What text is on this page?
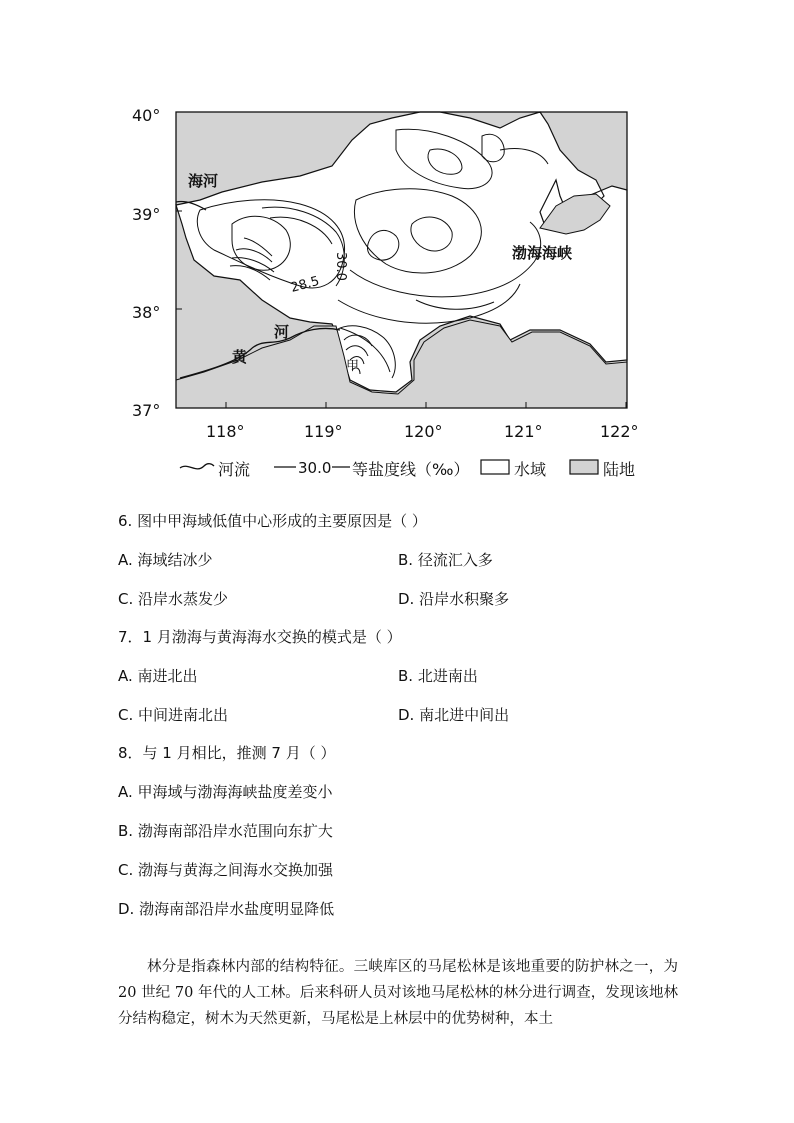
40°
39°
38°
37°
118°	119°	120°	121°	122°
海河
渤海海峡
甲
河
黄
30.0
28.5
河流	30.0 等盐度线（‰）	水域	陆地
6. 图中甲海域低值中心形成的主要原因是（ ）
A. 海域结冰少	B. 径流汇入多
C. 沿岸水蒸发少	D. 沿岸水积聚多
7．1 月渤海与黄海海水交换的模式是（ ）
A. 南进北出	B. 北进南出
C. 中间进南北出	D. 南北进中间出
8．与 1 月相比，推测 7 月（ ）
A. 甲海域与渤海海峡盐度差变小
B. 渤海南部沿岸水范围向东扩大
C. 渤海与黄海之间海水交换加强
D. 渤海南部沿岸水盐度明显降低

林分是指森林内部的结构特征。三峡库区的马尾松林是该地重要的防护林之一，为 20 世纪 70 年代的人工林。后来科研人员对该地马尾松林的林分进行调查，发现该地林分结构稳定，树木为天然更新，马尾松是上林层中的优势树种，本土
